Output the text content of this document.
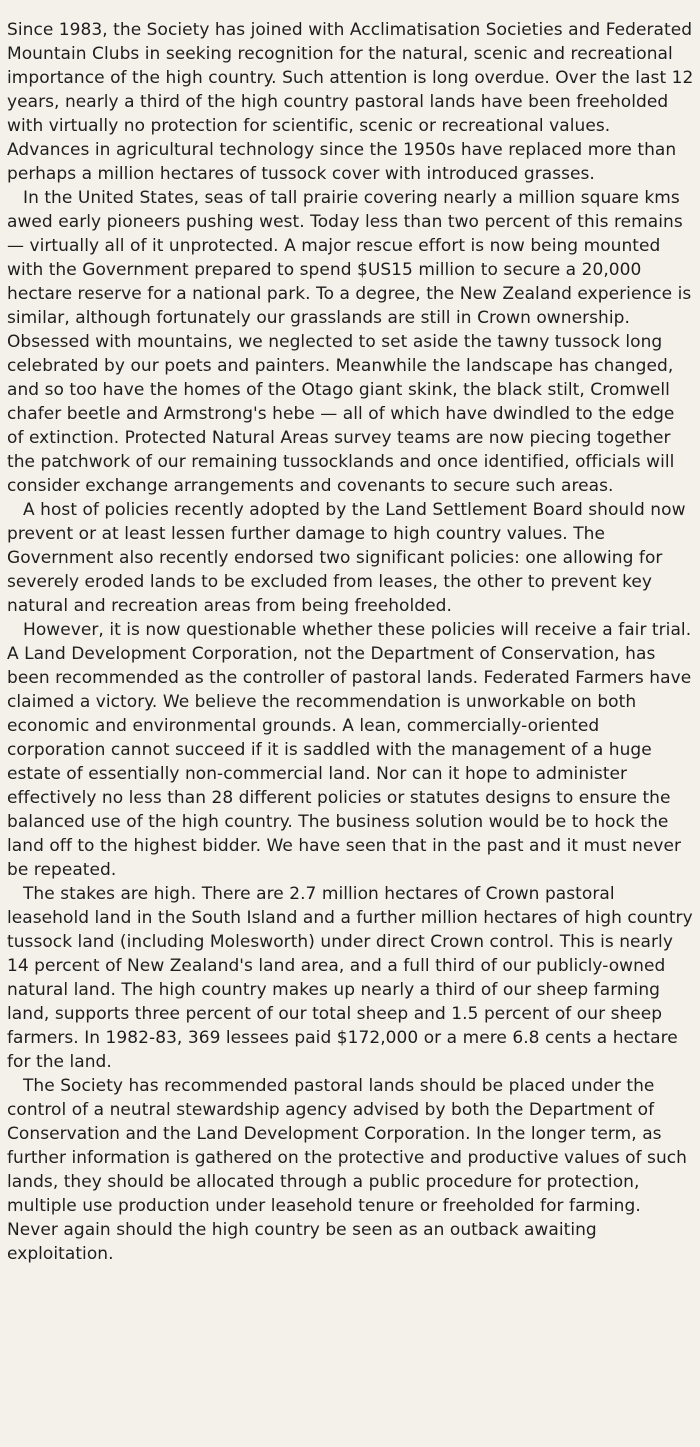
Since 1983, the Society has joined with Acclimatisation Societies and Federated Mountain Clubs in seeking recognition for the natural, scenic and recreational importance of the high country. Such attention is long overdue. Over the last 12 years, nearly a third of the high country pastoral lands have been freeholded with virtually no protection for scientific, scenic or recreational values. Advances in agricultural technology since the 1950s have replaced more than perhaps a million hectares of tussock cover with introduced grasses.

In the United States, seas of tall prairie covering nearly a million square kms awed early pioneers pushing west. Today less than two percent of this remains — virtually all of it unprotected. A major rescue effort is now being mounted with the Government prepared to spend $US15 million to secure a 20,000 hectare reserve for a national park. To a degree, the New Zealand experience is similar, although fortunately our grasslands are still in Crown ownership. Obsessed with mountains, we neglected to set aside the tawny tussock long celebrated by our poets and painters. Meanwhile the landscape has changed, and so too have the homes of the Otago giant skink, the black stilt, Cromwell chafer beetle and Armstrong's hebe — all of which have dwindled to the edge of extinction. Protected Natural Areas survey teams are now piecing together the patchwork of our remaining tussocklands and once identified, officials will consider exchange arrangements and covenants to secure such areas.

A host of policies recently adopted by the Land Settlement Board should now prevent or at least lessen further damage to high country values. The Government also recently endorsed two significant policies: one allowing for severely eroded lands to be excluded from leases, the other to prevent key natural and recreation areas from being freeholded.

However, it is now questionable whether these policies will receive a fair trial. A Land Development Corporation, not the Department of Conservation, has been recommended as the controller of pastoral lands. Federated Farmers have claimed a victory. We believe the recommendation is unworkable on both economic and environmental grounds. A lean, commercially-oriented corporation cannot succeed if it is saddled with the management of a huge estate of essentially non-commercial land. Nor can it hope to administer effectively no less than 28 different policies or statutes designs to ensure the balanced use of the high country. The business solution would be to hock the land off to the highest bidder. We have seen that in the past and it must never be repeated.

The stakes are high. There are 2.7 million hectares of Crown pastoral leasehold land in the South Island and a further million hectares of high country tussock land (including Molesworth) under direct Crown control. This is nearly 14 percent of New Zealand's land area, and a full third of our publicly-owned natural land. The high country makes up nearly a third of our sheep farming land, supports three percent of our total sheep and 1.5 percent of our sheep farmers. In 1982-83, 369 lessees paid $172,000 or a mere 6.8 cents a hectare for the land.

The Society has recommended pastoral lands should be placed under the control of a neutral stewardship agency advised by both the Department of Conservation and the Land Development Corporation. In the longer term, as further information is gathered on the protective and productive values of such lands, they should be allocated through a public procedure for protection, multiple use production under leasehold tenure or freeholded for farming. Never again should the high country be seen as an outback awaiting exploitation.
